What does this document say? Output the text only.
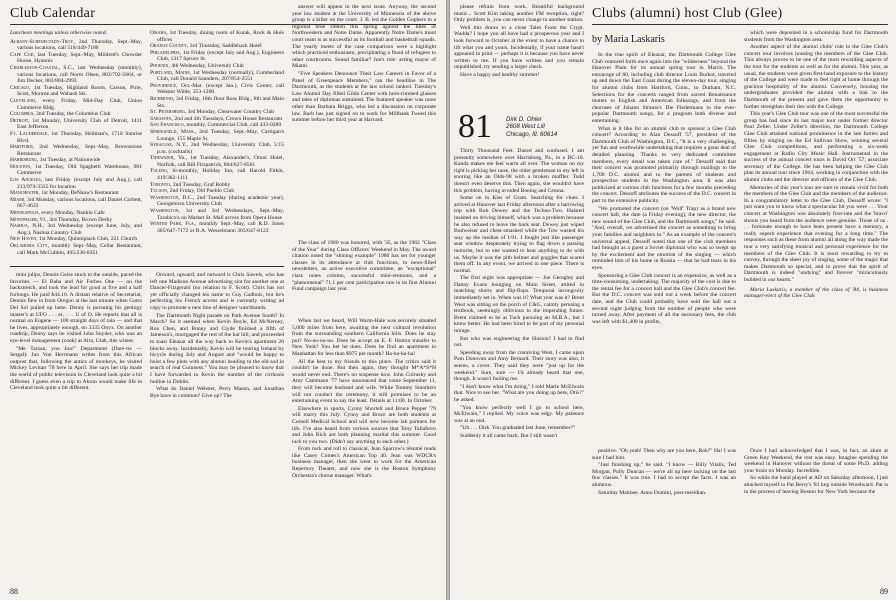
Club Calendar

Luncheon meetings unless otherwise noted.

Albany-Schenectady-Troy, 2nd Thursday, Sept.-May, various locations, call 518/449-7188

Cape Cod, last Tuesday, Sept.-May, Mildred's Chowder House, Hyannis

Charleston-Coastal, S.C., last Wednesday (monthly), various locations, call Norm Olsen, 803/792-5664, or Jim Decker, 803/884-2993

Chicago, 1st Tuesday, Highland Room, Carson, Pirie, Scott, Monroe and Wabash Sts.

Cleveland, every Friday, Mid-Day Club, Union Commerce Bldg.

Columbus, 2nd Tuesday, the Columbus Club

Detroit, 1st Monday, University Club of Detroit, 1411 East Jefferson

Ft. Lauderdale, 1st Thursday, Heilman's, 1710 Sunrise Blvd.

Hartford, 2nd Wednesday, Sept.-May, Brownstone Restaurant

Harrisburg, 1st Tuesday, at Nationwide

Houston, 1st Tuesday, Old Spaghetti Warehouse, 901 Commerce

Los Angeles, last Friday (except July and Aug.), call 213/974-3335 for location

Manchester, 1st Monday, DeNauw's Restaurant

Miami, 3rd Monday, various locations, call Daniel Corbett, 667-4633

Minneapolis, every Monday, Nankin Cafe

Montpelier, Vt., 3rd Thursday, Brown Derby

Nashua, N.H., 3rd Wednesday (except June, July, and Aug.), Nashua Country Club

New Haven, 1st Monday, Quinnipiack Club, 221 Church

Oklahoma City, monthly Sept.-May, Cellar Restaurant, call Mark McCubbin, 405/236-8351

Omaha, 1st Tuesday, dining room of Kutak, Rock & Huie offices

Orange County, 3rd Thursday, Saddleback Hotel

Philadelphia, 1st Friday (except July and Aug.), Engineers Club, 1317 Spruce St.

Phoenix, 4th Wednesday, University Club

Portland, Maine, 1st Wednesday (normally), Cumberland Club, call Donald Saunders, 207/854-2551

Providence, Oct.-Mar. (except Jan.), Civic Center, call Webster Wilde, 353-1200

Richmond, 3rd Friday, 18th floor Ross Bldg., 8th and Main Sts.

St. Petersburg, 3rd Monday, Clearwater Country Club

Sarasota, 2nd and 4th Tuesdays, Crown House Restaurant

San Francisco, monthly, Commercial Club, call 433-0280

Springfield, Mass., 2nd Tuesday, Sept.-May, Carrigan's Lounge, 155 Maple St.

Syracuse, N.Y., 2nd Wednesday, University Club, 5:15 p.m. (cocktails)

Tidewater, Va., 1st Tuesday, Alexander's, Omni Hotel, Norfolk, call Bill Fitzpatrick, 804/627-8561

Toledo, bi-monthly, Holiday Inn, call Harold Fitkin, 419/382-1111

Toronto, 2nd Tuesday, Graf Bobby

Tucson, 2nd Friday, Old Pueblo Club

Washington, D.C., 2nd Tuesday (during academic year), Georgetown University Club

Washington, 1st and 3rd Wednesdays, Sept.-May, Tarabico's on Market St. Mall across from Opera House

Winter Park, Fla., monthly Sept.-May, call R.D. Jones 305/647-7172 or R.A. Wesselmann 305/647-6122

answer will appear in the next issue. Anyway, the second year law student at the University of Minnesota of the above group is a killer on the court. J. B. led the Golden Gophers to a regional blue ribbon this spring against the likes of Northwestern and Notre Dame. Apparently Notre Dame's moot court team is as successful as its football and basketball squads. The yearly meets of the case comparison were a highlight which practiced enthusiasm, precipitating a flood of refugees to other courtrooms. Sound familiar? Jon's role: acting mayor of Miami.

"Five Speakers Denounce Their Law Careers in Favor of a Panel of Greenpeace Members," ran the headline in The Dartmouth, as the students at the law school ranked. Tuesday's Law Alumni Day filled Gilda Center with horn-rimmed glasses and tales of diplomas sustained. The featured speaker was none other than Barbara Briggs, who led a discussion on corporate law. Barb has just signed on to work for Millbank Tweed this summer before her third year at Harvard.

The class of 1980 was honored, with '35, as the 1982 "Class of the Year" during Class Officers' Weekend in May. The award citation noted the "shining example" 1980 has set for younger classes in its attendance at club functions, in news-filled newsletters, an active executive committee, an "exceptional" class notes column, successful mini-reunions, and a "phenomenal" 71.1 per cent participation rate in its first Alumni Fund campaign last year.

mint julips, Dennis Geise stuck to the outside, paced the favorites — El Baba and Air Forbes One — on the backstretch, and took the lead for good at five and a half furlongs. He paid $44.10. A distant relative of Secretariat, Dennis flew in from Oregon at the last minute when Gatro Del Sol pulled up lame. Denny is pursuing his geology master's at UFO . . . er, . . . U of O. He reports that all is normal on Eugene — 100 straight days of rain — and that he lives, appropriately enough, on 3335 Onyx. On another roadtrip, Denny says he visited John Snyder, who was an eye-level management (cook) at Alra, Utah, this winter.

"Me Tarzan, you Jon!" Department (Dare-tie — Sergal): Jon Von Herrmann writes from this African outpost that, following the antics of monkeys, he visited Mickey Levitan '78 here in April. She says her trip made the world of public television in Cleveland look quite a bit different. I guess even a trip to Akron would make life in Cleveland look quite a bit different.

Onward, upward, and outward is Chris Sawels, who has left one Madison Avenue advertising slot for another one at Dancer-Fitzgerald (no relation to F. Scott). Chris has not yet officially changed his name to Guy Gadbois, but he's perfecting his French accent and is currently writing ad copy to promote a new line of designer watchbands.

The Dartmouth Night parade on Park Avenue South? In March? So it seemed when Kevin Boyle, Ed McNerney, Ron Chen, and Bonny and Clyde finished a fifth of Jameson's, mortgaged the rest of the bar bill, and proceeded to toast Eleazar all the way back to Kevin's apartment 20 blocks away. Incidentally, Kevin will be touring Ireland by bicycle during July and August and "would be happy to hoist a few pints with any alumni heading to the old sod in search of real Guinness." You may be pleased to know that I have forwarded to Kevin the number of the cirrhosis hotline in Dublin.

What do Daniel Webster, Perry Mason, and Jonathan Bye have in common? Give up? The

When last we heard, Will Warm-Hale was securely situated 5,000 miles from here, awaiting the next cultural revolution from the surrounding southern California hills. Does he stay put? No-no-no-no. Does he accept an E. F. Hutton transfer to New York? You bet he does. Does he find an apartment in Manhattan for less than $975 per month? Ha-ha-ha-ha!

All the best to my friends to this place. The critics said it couldn't be done. But then again, they thought M*A*S*H would never end. There's no suspense now. John Colrusky and Amy Cammann '77 have announced that come September 11, they will become husband and wife. While Tommy Smothers will not conduct the ceremony, it still promises to be an entertaining event to say the least. Details at 11:00. In October.

Elsewhere in sports, Cynny Shortell and Bruce Pepper '79 will marry this July. Cynny and Bruce are both students at Cornell Medical School and will now become lab partners for life. I've also heard from various sources that Tony Taliaferro and John Rich are both planning marital this summer. Good luck to you two. (Didn't say anything to each other.)

From rock and roll to classical, Jean Sparrow's résumé reads like Casey Comes's American Top 40. Jean was WDCR's business manager, then she went to work for the American Repertory Theater, and now she is the Boston Symphony Orchestra's chorus manager. What's

88
Clubs (alumni) host Club (Glee)

please refrain from work. Beautiful background music... Scott Kim taking another FM reception, right? Only problem is, you can never change to another station.

Well this draws to a close Tales From the Crypt. Wadda? I hope you all have had a prosperous year and I look forward to October at the event to have a chance to lift what you and yours. Incidentally, if your name hasn't appeared in print — perhaps it is because you have never written to me. If you have written and you remain unpublished, try sending a larger check.

Have a happy and healthy summer!

81 Dirk D. Ohler
2608 West Lill
Chicago, Ill. 60614

Thirty Thousand Feet. Dazed and confused. I am presently somewhere over Harrisburg, Pa., in a DC-10. Kanda makes me feel warm all over. The woman on my right is picking her nose, the older gentleman to my left is snoring like an Olds-98 with a broken muffler. Todd doesn't even deserve this. Then again, she wouldn't have this problem, having avoided Boeing and Cessna.

Some on in Kiss of Gram. Searching for clues. I arrived at Hanover last Friday afternoon after a harrowing trip with Bob Dewey and the Techno-Two. Halsted insisted on driving himself, which was a problem because he also refused to leave the back seat. Dewey just wiped Budweiser and chest-smashed while the Tow wasted his way up the median of I-91. I fought just like passenger seat window desperately trying to flag down a passing motorist, but to one wanted to hear anything to do with us. Maybe it was the pith helmet and goggles that scared them off. In any event, we arrived in one piece. There is normal.

The first night was appropriate — Joe Geraghty and Danny Evans lounging on Main Street, attired in matching shorts and flip-flops. Temporal incongruity immediately set in. When was it? What year was it? Brent West was sitting on the porch of C&G, calmly perusing a textbook, seemingly oblivious to the impending future. Brent claimed to be at Tuck pursuing an M.B.A., but I knew better. He had been hired to be part of my personal mirage.

But who was engineering the illusion? I had to find out.

Speeding away from the conniving West, I came upon Pam Donovan and Amy Bernard. Their story was also, it seems, a cover. They said they were "just up for the weekend." Sure, sure — I'd already heard that one, though. It wasn't fooling me.

"I don't know what I'm doing," I told Marie McElwain that. Nice to see her. "What are you doing up here, Otis?" he asked.

"You know perfectly well I go to school here, McElwain," I replied. My voice was edgy. My patience was at an end.

"Uh . . . Dirk. You graduated last June, remember?"

Suddenly it all came back. But I still wasn't

positive. "Oh yeah! Then why are you here, Rob?" Ha! I was sure I had him.

"Just finishing up," he said. "I know — Billy Vitalis, Ted Morgan, Polly Duncan — we're all up here tacking on the last few classes." It was true. I had to accept the facts. I was an alumnus.

Saturday Matinee. Anno Domini, post-meridian.

by Maria Laskaris

In the true spirit of Eleazar, the Dartmouth College Glee Club ventured forth once again into the "wilderness" beyond the Hanover Plain for its annual spring tour in March. The entourage of 60, including club director Louis Burkot, traveled up and down the East Coast during the eleven-day tour, singing for alumni clubs from Hartford, Conn., to Durham, N.C. Selections for the concerts ranged from sacred Renaissance motets to English and American folksongs, and from the choruses of Johann Strauss's Die Fledermaus to the ever-popular Dartmouth songs, for a program both diverse and entertaining.

What is it like for an alumni club to sponsor a Glee Club concert? According to Alan Dessoff '57, president of the Dartmouth Club of Washington, D.C., "It is a very challenging, yet fun and worthwhile undertaking that requires a great deal of detailed planning. Thanks to very dedicated committee members, every detail was taken care of." Dessoff said that their concert was promoted primarily through mailings to the 1,700 D.C. alumni and to the parents of students and prospective students in the Washington area. It was also publicized at various club functions for a few months preceding the concert. Dessoff attributes the success of the D.C. concert in part to the extensive publicity.

"We promoted the concert (on 'Wolf' Trap) as a brand new concert hall, the date (a Friday evening), the new director, the new sound of the Glee Club, and the Dartmouth songs," he said. "And, overall, we advertised the concert as something to bring your families and neighbors to." As an example of the concert's universal appeal, Dessoff noted that one of the club members had brought as a guest a Soviet diplomat who was so swept up by the excitement and the emotion of the singing — which reminded him of his home in Russia — that he had tears in his eyes.

Sponsoring a Glee Club concert is an expensive, as well as a time-consuming, undertaking. The majority of the cost is due to the rental fee for a concert hall and the Glee Club's concert fee. But the D.C. concert was sold out a week before the concert date, and the Club could probably have sold the hall out a second night judging from the number of people who were turned away. After payment of all the necessary fees, the club was left with $1,400 in profits,

which were deposited in a scholarship fund for Dartmouth students from the Washington area.

Another aspect of the alumni clubs' role in the Glee Club's concert tour involves housing the members of the Glee Club. This always proves to be one of the most rewarding aspects of the tour for the students as well as for the alumni. This year, as usual, the students were given first-hand exposure to the history of the College and were made to feel right at home through the gracious hospitality of the alumni. Conversely, housing the undergraduates provided the alumni with a link to the Dartmouth of the present and gave them the opportunity to further strengthen their ties with the College.

This year's Glee Club tour was one of the most successful the group has had since its last major tour under former director Paul Zeller. Under Zeller's direction, the Dartmouth College Glee Club attained national prominence in the late forties and fifties by singing on the Ed Sullivan Show, winning several Glee Club competitions, and performing a six-week engagement at Radio City Music Hall. Instrumental in the success of the annual concert tours is David Orr '57, associate secretary of the College. He has been helping the Glee Club plan its annual tour since 1964, working in conjunction with the alumni clubs and the director and officers of the Glee Club.

Memories of this year's tour are sure to remain vivid for both the members of the Glee Club and the members of the audience. In a congratulatory letter to the Glee Club, Dessoff wrote: "I just want you to know what a spectacular hit you were . . . Your concert at Washington was absolutely first-rate and the 'bravo' shouts you heard from the audience were genuine. Those of us . . . fortunate enough to have been present have a memory, a really superb experience that evening for a long time." The responses such as these from alumni all along the way made the tour a very satisfying musical and personal experience for the members of the Glee Club. It is most rewarding to try to convey, through the sheer joy of singing, some of the magic that makes Dartmouth so special, and to prove that the spirit of Dartmouth is indeed "undying" and forever "miraculously builded in our hearts."

Maria Laskaris, a member of the class of '84, is business manager-elect of the Glee Club.

Once I had acknowledged that I was, in fact, an alum at Green Key Weekend, the rest was easy. Imagine spending the weekend in Hanover without the threat of some Ph.D. adding your brain on Monday. Incredible.

So while the band played at AD on Saturday afternoon, I just attached myself to Pat Berry's '81 keg outside Woodward. Pat is in the process of leaving Boston for New York because the

89
